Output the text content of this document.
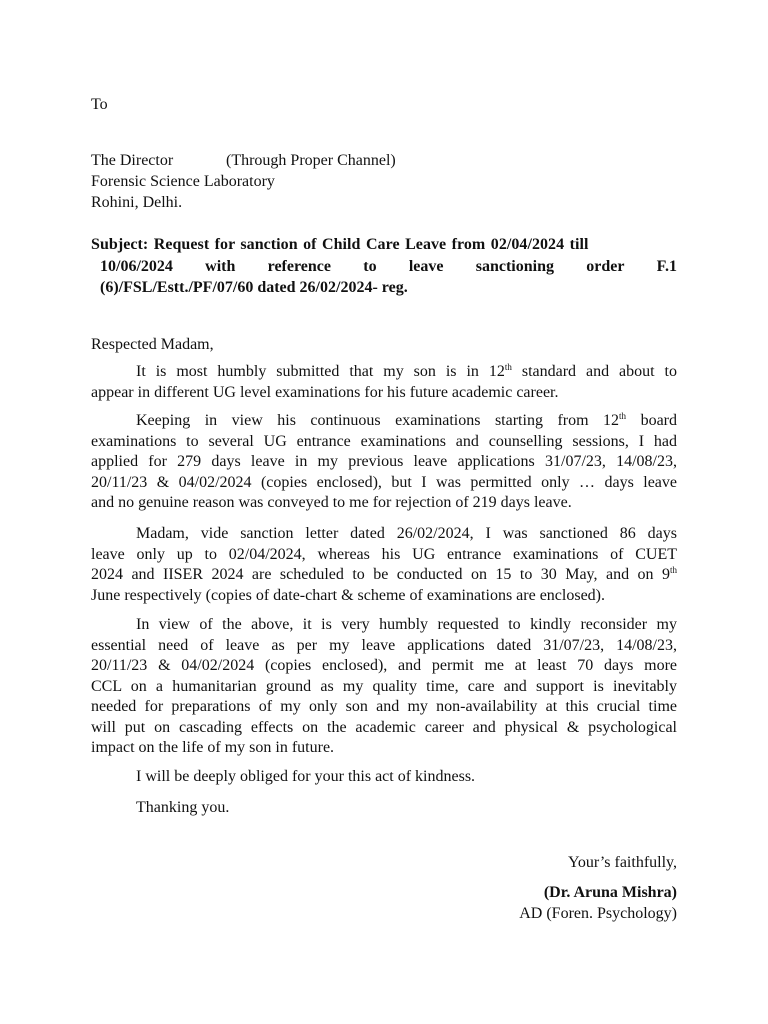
To
The Director	(Through Proper Channel)
Forensic Science Laboratory
Rohini, Delhi.
Subject: Request for sanction of Child Care Leave from 02/04/2024 till
10/06/2024 with reference to leave sanctioning order F.1
(6)/FSL/Estt./PF/07/60 dated 26/02/2024- reg.
Respected Madam,
It is most humbly submitted that my son is in 12th standard and about to
appear in different UG level examinations for his future academic career.
Keeping in view his continuous examinations starting from 12th board
examinations to several UG entrance examinations and counselling sessions, I had
applied for 279 days leave in my previous leave applications 31/07/23, 14/08/23,
20/11/23 & 04/02/2024 (copies enclosed), but I was permitted only … days leave
and no genuine reason was conveyed to me for rejection of 219 days leave.
Madam, vide sanction letter dated 26/02/2024, I was sanctioned 86 days
leave only up to 02/04/2024, whereas his UG entrance examinations of CUET
2024 and IISER 2024 are scheduled to be conducted on 15 to 30 May, and on 9th
June respectively (copies of date-chart & scheme of examinations are enclosed).
In view of the above, it is very humbly requested to kindly reconsider my
essential need of leave as per my leave applications dated 31/07/23, 14/08/23,
20/11/23 & 04/02/2024 (copies enclosed), and permit me at least 70 days more
CCL on a humanitarian ground as my quality time, care and support is inevitably
needed for preparations of my only son and my non-availability at this crucial time
will put on cascading effects on the academic career and physical & psychological
impact on the life of my son in future.
I will be deeply obliged for your this act of kindness.
Thanking you.
Your’s faithfully,
(Dr. Aruna Mishra)
AD (Foren. Psychology)
